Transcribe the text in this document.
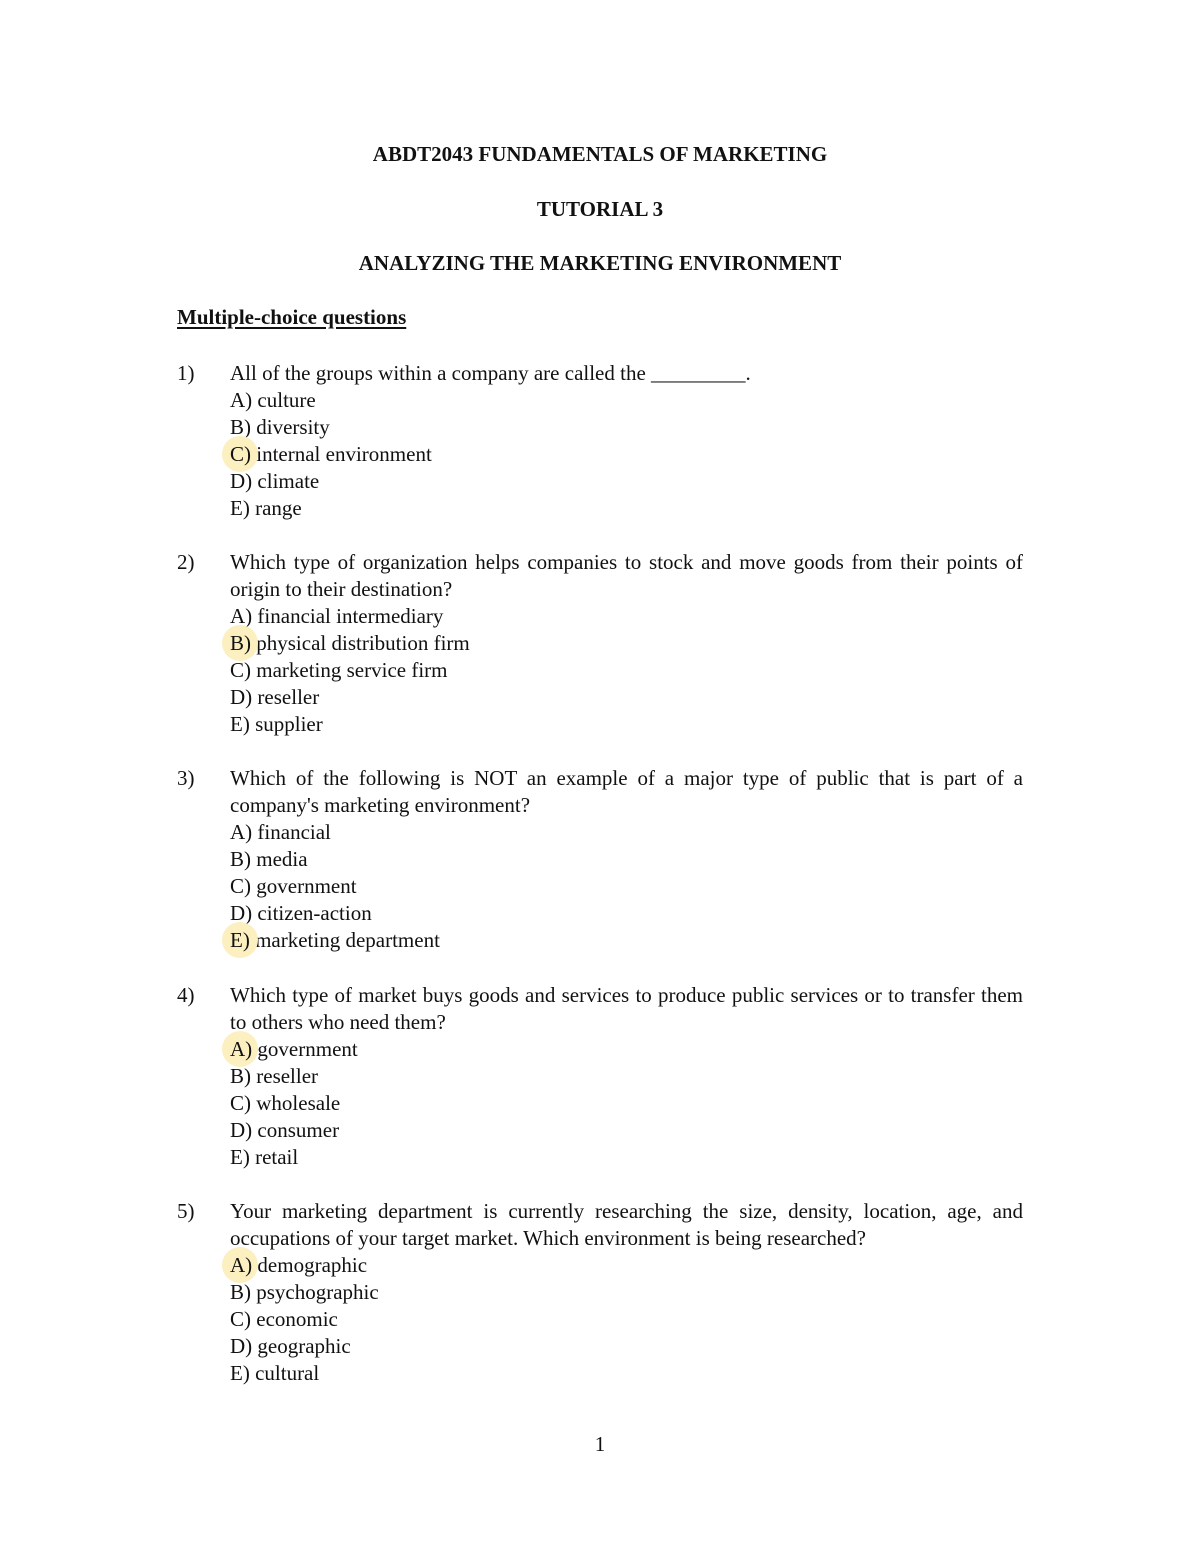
ABDT2043 FUNDAMENTALS OF MARKETING
TUTORIAL 3
ANALYZING THE MARKETING ENVIRONMENT
Multiple-choice questions
1) All of the groups within a company are called the _________.
A) culture
B) diversity
C) internal environment
D) climate
E) range
2) Which type of organization helps companies to stock and move goods from their points of origin to their destination?
A) financial intermediary
B) physical distribution firm
C) marketing service firm
D) reseller
E) supplier
3) Which of the following is NOT an example of a major type of public that is part of a company's marketing environment?
A) financial
B) media
C) government
D) citizen-action
E) marketing department
4) Which type of market buys goods and services to produce public services or to transfer them to others who need them?
A) government
B) reseller
C) wholesale
D) consumer
E) retail
5) Your marketing department is currently researching the size, density, location, age, and occupations of your target market. Which environment is being researched?
A) demographic
B) psychographic
C) economic
D) geographic
E) cultural
1
